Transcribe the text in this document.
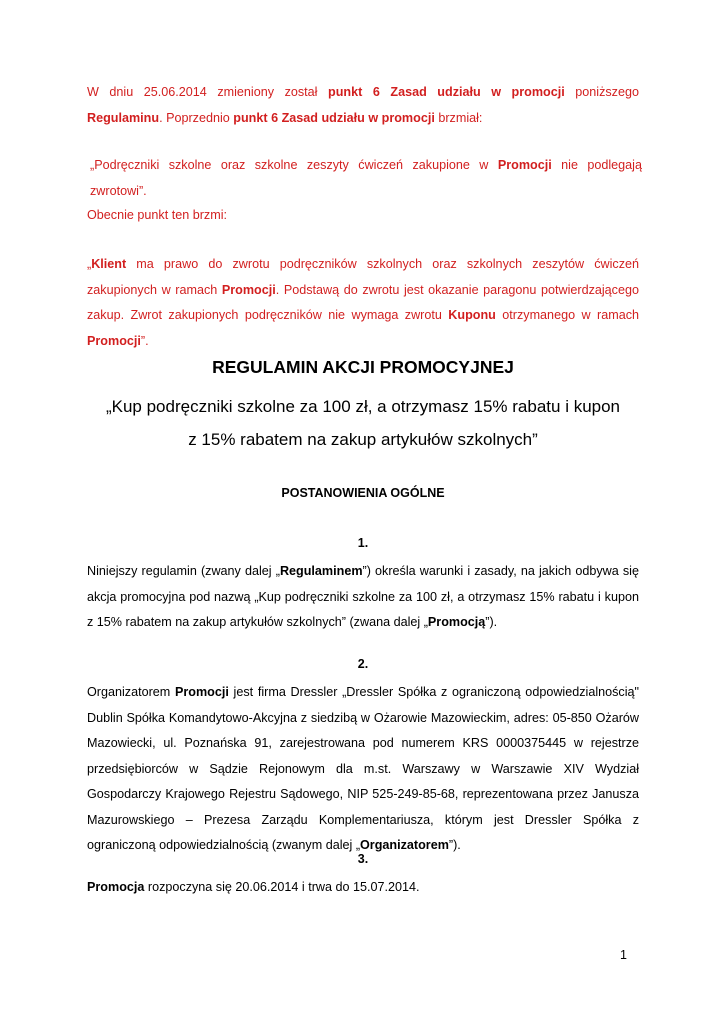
W dniu 25.06.2014 zmieniony został punkt 6 Zasad udziału w promocji poniższego Regulaminu. Poprzednio punkt 6 Zasad udziału w promocji brzmiał:

„Podręczniki szkolne oraz szkolne zeszyty ćwiczeń zakupione w Promocji nie podlegają zwrotowi”.

Obecnie punkt ten brzmi:

„Klient ma prawo do zwrotu podręczników szkolnych oraz szkolnych zeszytów ćwiczeń zakupionych w ramach Promocji. Podstawą do zwrotu jest okazanie paragonu potwierdzającego zakup. Zwrot zakupionych podręczników nie wymaga zwrotu Kuponu otrzymanego w ramach Promocji”.

REGULAMIN AKCJI PROMOCYJNEJ

„Kup podręczniki szkolne za 100 zł, a otrzymasz 15% rabatu i kupon
z 15% rabatem na zakup artykułów szkolnych”

POSTANOWIENIA OGÓLNE

1.

Niniejszy regulamin (zwany dalej „Regulaminem”) określa warunki i zasady, na jakich odbywa się akcja promocyjna pod nazwą „Kup podręczniki szkolne za 100 zł, a otrzymasz 15% rabatu i kupon z 15% rabatem na zakup artykułów szkolnych” (zwana dalej „Promocją”).

2.

Organizatorem Promocji jest firma Dressler „Dressler Spółka z ograniczoną odpowiedzialnością" Dublin Spółka Komandytowo-Akcyjna z siedzibą w Ożarowie Mazowieckim, adres: 05-850 Ożarów Mazowiecki, ul. Poznańska 91, zarejestrowana pod numerem KRS 0000375445 w rejestrze przedsiębiorców w Sądzie Rejonowym dla m.st. Warszawy w Warszawie XIV Wydział Gospodarczy Krajowego Rejestru Sądowego, NIP 525-249-85-68, reprezentowana przez Janusza Mazurowskiego – Prezesa Zarządu Komplementariusza, którym jest Dressler Spółka z ograniczoną odpowiedzialnością (zwanym dalej „Organizatorem”).

3.

Promocja rozpoczyna się 20.06.2014 i trwa do 15.07.2014.

1
